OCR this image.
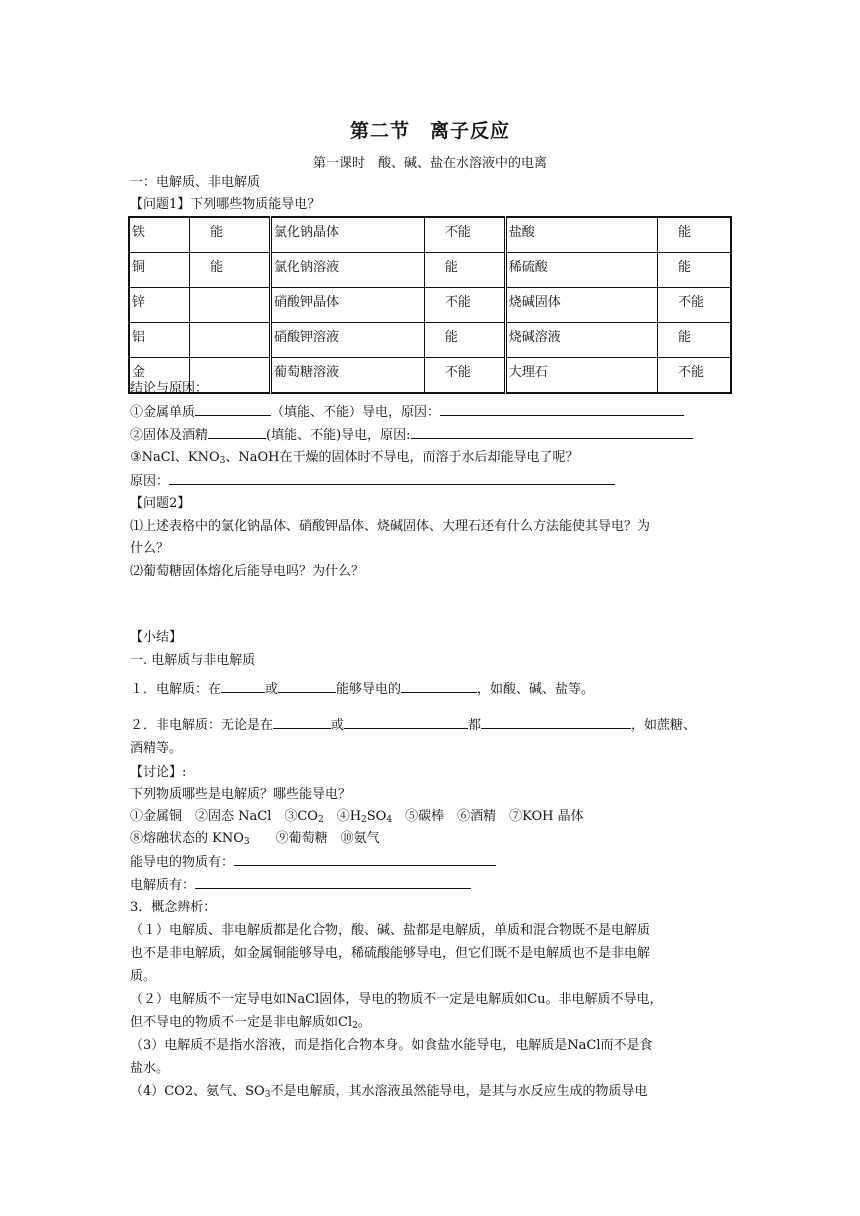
第二节　离子反应
第一课时　酸、碱、盐在水溶液中的电离
一：电解质、非电解质
【问题1】下列哪些物质能导电？
铁	能	氯化钠晶体	不能	盐酸	能
铜	能	氯化钠溶液	能	稀硫酸	能
锌		硝酸钾晶体	不能	烧碱固体	不能
铝		硝酸钾溶液	能	烧碱溶液	能
金		葡萄糖溶液	不能	大理石	不能
结论与原因：
①金属单质	（填能、不能）导电，原因：
②固体及酒精	(填能、不能)导电，原因:
③NaCl、$KNO_3$、NaOH在干燥的固体时不导电，而溶于水后却能导电了呢？
原因：
【问题2】
⑴上述表格中的氯化钠晶体、硝酸钾晶体、烧碱固体、大理石还有什么方法能使其导电？为
什么？
⑵葡萄糖固体熔化后能导电吗？为什么？
【小结】
一. 电解质与非电解质
１．电解质：在	或	能够导电的	，如酸、碱、盐等。
２．非电解质：无论是在	或	都	，如蔗糖、
酒精等。
【讨论】:
下列物质哪些是电解质？哪些能导电？
①金属铜　②固态 NaCl　$③CO_2$　$④H_2SO_4$　⑤碳棒　⑥酒精　⑦KOH 晶体
⑧熔融状态的 $KNO_3$　　⑨葡萄糖　⑩氨气
能导电的物质有：
电解质有：
3．概念辨析：
（１）电解质、非电解质都是化合物，酸、碱、盐都是电解质，单质和混合物既不是电解质
也不是非电解质，如金属铜能够导电，稀硫酸能够导电，但它们既不是电解质也不是非电解
质。
（２）电解质不一定导电如NaCl固体，导电的物质不一定是电解质如Cu。非电解质不导电，
但不导电的物质不一定是非电解质如$Cl_2$。
（3）电解质不是指水溶液，而是指化合物本身。如食盐水能导电，电解质是NaCl而不是食
盐水。
（4）CO2、氨气、$SO_3$不是电解质，其水溶液虽然能导电，是其与水反应生成的物质导电
